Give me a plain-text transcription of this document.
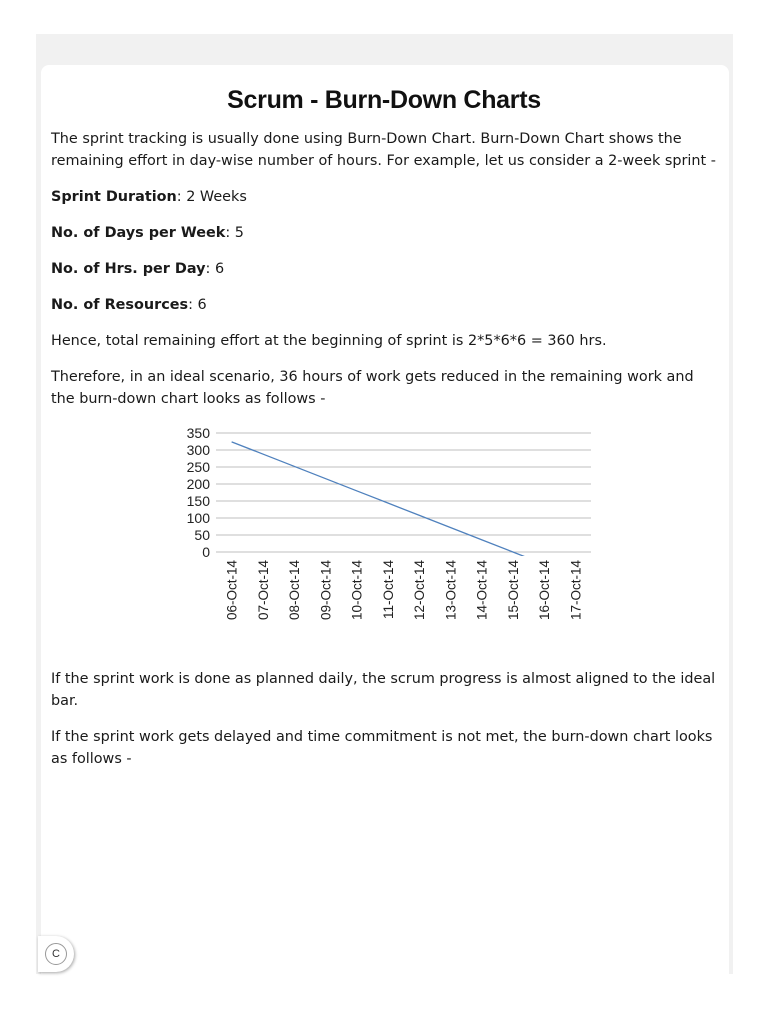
Scrum - Burn-Down Charts

The sprint tracking is usually done using Burn-Down Chart. Burn-Down Chart shows the remaining effort in day-wise number of hours. For example, let us consider a 2-week sprint -

Sprint Duration: 2 Weeks

No. of Days per Week: 5

No. of Hrs. per Day: 6

No. of Resources: 6

Hence, total remaining effort at the beginning of sprint is 2*5*6*6 = 360 hrs.

Therefore, in an ideal scenario, 36 hours of work gets reduced in the remaining work and the burn-down chart looks as follows -

0
50
100
150
200
250
300
350
06-Oct-14 07-Oct-14 08-Oct-14 09-Oct-14 10-Oct-14 11-Oct-14 12-Oct-14 13-Oct-14 14-Oct-14 15-Oct-14 16-Oct-14 17-Oct-14

If the sprint work is done as planned daily, the scrum progress is almost aligned to the ideal bar.

If the sprint work gets delayed and time commitment is not met, the burn-down chart looks as follows -

C
